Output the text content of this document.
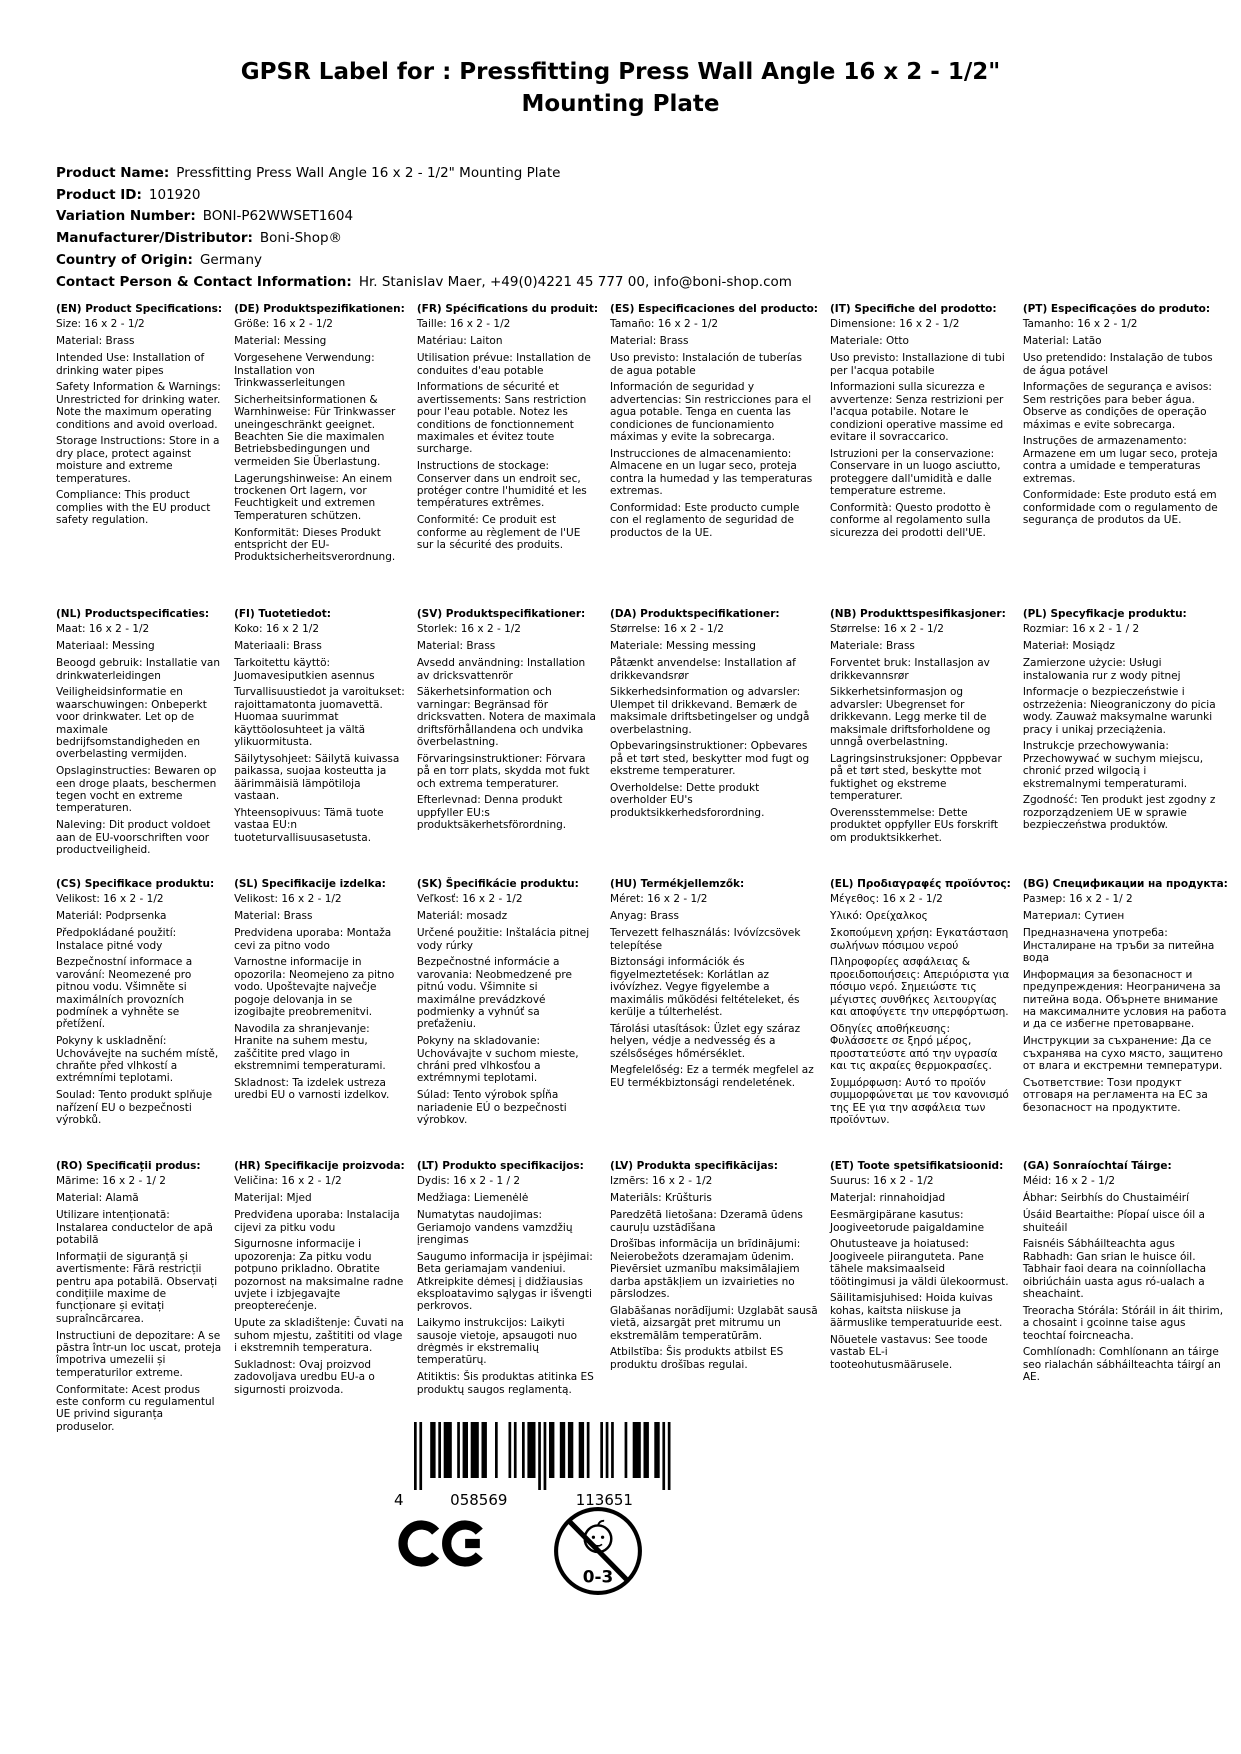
GPSR Label for : Pressfitting Press Wall Angle 16 x 2 - 1/2" Mounting Plate
Product Name: Pressfitting Press Wall Angle 16 x 2 - 1/2" Mounting Plate
Product ID: 101920
Variation Number: BONI-P62WWSET1604
Manufacturer/Distributor: Boni-Shop®
Country of Origin: Germany
Contact Person & Contact Information: Hr. Stanislav Maer, +49(0)4221 45 777 00, info@boni-shop.com
(EN) Product Specifications:
Size: 16 x 2 - 1/2
Material: Brass
Intended Use: Installation of drinking water pipes
Safety Information & Warnings: Unrestricted for drinking water. Note the maximum operating conditions and avoid overload.
Storage Instructions: Store in a dry place, protect against moisture and extreme temperatures.
Compliance: This product complies with the EU product safety regulation.
(DE) Produktspezifikationen:
Größe: 16 x 2 - 1/2
Material: Messing
Vorgesehene Verwendung: Installation von Trinkwasserleitungen
Sicherheitsinformationen & Warnhinweise: Für Trinkwasser uneingeschränkt geeignet. Beachten Sie die maximalen Betriebsbedingungen und vermeiden Sie Überlastung.
Lagerungshinweise: An einem trockenen Ort lagern, vor Feuchtigkeit und extremen Temperaturen schützen.
Konformität: Dieses Produkt entspricht der EU-Produktsicherheitsverordnung.
(FR) Spécifications du produit:
Taille: 16 x 2 - 1/2
Matériau: Laiton
Utilisation prévue: Installation de conduites d'eau potable
Informations de sécurité et avertissements: Sans restriction pour l'eau potable. Notez les conditions de fonctionnement maximales et évitez toute surcharge.
Instructions de stockage: Conserver dans un endroit sec, protéger contre l'humidité et les températures extrêmes.
Conformité: Ce produit est conforme au règlement de l'UE sur la sécurité des produits.
(ES) Especificaciones del producto:
Tamaño: 16 x 2 - 1/2
Material: Brass
Uso previsto: Instalación de tuberías de agua potable
Información de seguridad y advertencias: Sin restricciones para el agua potable. Tenga en cuenta las condiciones de funcionamiento máximas y evite la sobrecarga.
Instrucciones de almacenamiento: Almacene en un lugar seco, proteja contra la humedad y las temperaturas extremas.
Conformidad: Este producto cumple con el reglamento de seguridad de productos de la UE.
(IT) Specifiche del prodotto:
Dimensione: 16 x 2 - 1/2
Materiale: Otto
Uso previsto: Installazione di tubi per l'acqua potabile
Informazioni sulla sicurezza e avvertenze: Senza restrizioni per l'acqua potabile. Notare le condizioni operative massime ed evitare il sovraccarico.
Istruzioni per la conservazione: Conservare in un luogo asciutto, proteggere dall'umidità e dalle temperature estreme.
Conformità: Questo prodotto è conforme al regolamento sulla sicurezza dei prodotti dell'UE.
(PT) Especificações do produto:
Tamanho: 16 x 2 - 1/2
Material: Latão
Uso pretendido: Instalação de tubos de água potável
Informações de segurança e avisos: Sem restrições para beber água. Observe as condições de operação máximas e evite sobrecarga.
Instruções de armazenamento: Armazene em um lugar seco, proteja contra a umidade e temperaturas extremas.
Conformidade: Este produto está em conformidade com o regulamento de segurança de produtos da UE.
(NL) Productspecificaties:
Maat: 16 x 2 - 1/2
Materiaal: Messing
Beoogd gebruik: Installatie van drinkwaterleidingen
Veiligheidsinformatie en waarschuwingen: Onbeperkt voor drinkwater. Let op de maximale bedrijfsomstandigheden en overbelasting vermijden.
Opslaginstructies: Bewaren op een droge plaats, beschermen tegen vocht en extreme temperaturen.
Naleving: Dit product voldoet aan de EU-voorschriften voor productveiligheid.
(FI) Tuotetiedot:
Koko: 16 x 2 1/2
Materiaali: Brass
Tarkoitettu käyttö: Juomavesiputkien asennus
Turvallisuustiedot ja varoitukset: rajoittamatonta juomavettä. Huomaa suurimmat käyttöolosuhteet ja vältä ylikuormitusta.
Säilytysohjeet: Säilytä kuivassa paikassa, suojaa kosteutta ja äärimmäisiä lämpötiloja vastaan.
Yhteensopivuus: Tämä tuote vastaa EU:n tuoteturvallisuusasetusta.
(SV) Produktspecifikationer:
Storlek: 16 x 2 - 1/2
Material: Brass
Avsedd användning: Installation av dricksvattenrör
Säkerhetsinformation och varningar: Begränsad för dricksvatten. Notera de maximala driftsförhållandena och undvika överbelastning.
Förvaringsinstruktioner: Förvara på en torr plats, skydda mot fukt och extrema temperaturer.
Efterlevnad: Denna produkt uppfyller EU:s produktsäkerhetsförordning.
(DA) Produktspecifikationer:
Størrelse: 16 x 2 - 1/2
Materiale: Messing messing
Påtænkt anvendelse: Installation af drikkevandsrør
Sikkerhedsinformation og advarsler: Ulempet til drikkevand. Bemærk de maksimale driftsbetingelser og undgå overbelastning.
Opbevaringsinstruktioner: Opbevares på et tørt sted, beskytter mod fugt og ekstreme temperaturer.
Overholdelse: Dette produkt overholder EU's produktsikkerhedsforordning.
(NB) Produkttspesifikasjoner:
Størrelse: 16 x 2 - 1/2
Materiale: Brass
Forventet bruk: Installasjon av drikkevannsrør
Sikkerhetsinformasjon og advarsler: Ubegrenset for drikkevann. Legg merke til de maksimale driftsforholdene og unngå overbelastning.
Lagringsinstruksjoner: Oppbevar på et tørt sted, beskytte mot fuktighet og ekstreme temperaturer.
Overensstemmelse: Dette produktet oppfyller EUs forskrift om produktsikkerhet.
(PL) Specyfikacje produktu:
Rozmiar: 16 x 2 - 1 / 2
Materiał: Mosiądz
Zamierzone użycie: Usługi instalowania rur z wody pitnej
Informacje o bezpieczeństwie i ostrzeżenia: Nieograniczony do picia wody. Zauważ maksymalne warunki pracy i unikaj przeciążenia.
Instrukcje przechowywania: Przechowywać w suchym miejscu, chronić przed wilgocią i ekstremalnymi temperaturami.
Zgodność: Ten produkt jest zgodny z rozporządzeniem UE w sprawie bezpieczeństwa produktów.
(CS) Specifikace produktu:
Velikost: 16 x 2 - 1/2
Materiál: Podprsenka
Předpokládané použití: Instalace pitné vody
Bezpečnostní informace a varování: Neomezené pro pitnou vodu. Všimněte si maximálních provozních podmínek a vyhněte se přetížení.
Pokyny k uskladnění: Uchovávejte na suchém místě, chraňte před vlhkostí a extrémními teplotami.
Soulad: Tento produkt splňuje nařízení EU o bezpečnosti výrobků.
(SL) Specifikacije izdelka:
Velikost: 16 x 2 - 1/2
Material: Brass
Predvidena uporaba: Montaža cevi za pitno vodo
Varnostne informacije in opozorila: Neomejeno za pitno vodo. Upoštevajte največje pogoje delovanja in se izogibajte preobremenitvi.
Navodila za shranjevanje: Hranite na suhem mestu, zaščitite pred vlago in ekstremnimi temperaturami.
Skladnost: Ta izdelek ustreza uredbi EU o varnosti izdelkov.
(SK) Špecifikácie produktu:
Veľkosť: 16 x 2 - 1/2
Materiál: mosadz
Určené použitie: Inštalácia pitnej vody rúrky
Bezpečnostné informácie a varovania: Neobmedzené pre pitnú vodu. Všimnite si maximálne prevádzkové podmienky a vyhnúť sa preťaženiu.
Pokyny na skladovanie: Uchovávajte v suchom mieste, chráni pred vlhkosťou a extrémnymi teplotami.
Súlad: Tento výrobok spĺňa nariadenie EÚ o bezpečnosti výrobkov.
(HU) Termékjellemzők:
Méret: 16 x 2 - 1/2
Anyag: Brass
Tervezett felhasználás: Ivóvízcsövek telepítése
Biztonsági információk és figyelmeztetések: Korlátlan az ivóvízhez. Vegye figyelembe a maximális működési feltételeket, és kerülje a túlterhelést.
Tárolási utasítások: Üzlet egy száraz helyen, védje a nedvesség és a szélsőséges hőmérséklet.
Megfelelőség: Ez a termék megfelel az EU termékbiztonsági rendeletének.
(EL) Προδιαγραφές προϊόντος:
Μέγεθος: 16 x 2 - 1/2
Υλικό: Ορείχαλκος
Σκοπούμενη χρήση: Εγκατάσταση σωλήνων πόσιμου νερού
Πληροφορίες ασφάλειας & προειδοποιήσεις: Απεριόριστα για πόσιμο νερό. Σημειώστε τις μέγιστες συνθήκες λειτουργίας και αποφύγετε την υπερφόρτωση.
Οδηγίες αποθήκευσης: Φυλάσσετε σε ξηρό μέρος, προστατεύστε από την υγρασία και τις ακραίες θερμοκρασίες.
Συμμόρφωση: Αυτό το προϊόν συμμορφώνεται με τον κανονισμό της ΕΕ για την ασφάλεια των προϊόντων.
(BG) Спецификации на продукта:
Размер: 16 x 2 - 1/ 2
Материал: Сутиен
Предназначена употреба: Инсталиране на тръби за питейна вода
Информация за безопасност и предупреждения: Неограничена за питейна вода. Обърнете внимание на максималните условия на работа и да се избегне претоварване.
Инструкции за съхранение: Да се съхранява на сухо място, защитено от влага и екстремни температури.
Съответствие: Този продукт отговаря на регламента на ЕС за безопасност на продуктите.
(RO) Specificații produs:
Mărime: 16 x 2 - 1/ 2
Material: Alamă
Utilizare intenționată: Instalarea conductelor de apă potabilă
Informații de siguranță și avertismente: Fără restricții pentru apa potabilă. Observați condițiile maxime de funcționare și evitați supraîncărcarea.
Instructiuni de depozitare: A se păstra într-un loc uscat, proteja împotriva umezelii și temperaturilor extreme.
Conformitate: Acest produs este conform cu regulamentul UE privind siguranța produselor.
(HR) Specifikacije proizvoda:
Veličina: 16 x 2 - 1/2
Materijal: Mjed
Predviđena uporaba: Instalacija cijevi za pitku vodu
Sigurnosne informacije i upozorenja: Za pitku vodu potpuno prikladno. Obratite pozornost na maksimalne radne uvjete i izbjegavajte preopterećenje.
Upute za skladištenje: Čuvati na suhom mjestu, zaštititi od vlage i ekstremnih temperatura.
Sukladnost: Ovaj proizvod zadovoljava uredbu EU-a o sigurnosti proizvoda.
(LT) Produkto specifikacijos:
Dydis: 16 x 2 - 1 / 2
Medžiaga: Liemenėlė
Numatytas naudojimas: Geriamojo vandens vamzdžių įrengimas
Saugumo informacija ir įspėjimai: Beta geriamajam vandeniui. Atkreipkite dėmesį į didžiausias eksploatavimo sąlygas ir išvengti perkrovos.
Laikymo instrukcijos: Laikyti sausoje vietoje, apsaugoti nuo drėgmės ir ekstremalių temperatūrų.
Atitiktis: Šis produktas atitinka ES produktų saugos reglamentą.
(LV) Produkta specifikācijas:
Izmērs: 16 x 2 - 1/2
Materiāls: Krūšturis
Paredzētā lietošana: Dzeramā ūdens cauruļu uzstādīšana
Drošības informācija un brīdinājumi: Neierobežots dzeramajam ūdenim. Pievērsiet uzmanību maksimālajiem darba apstākļiem un izvairieties no pārslodzes.
Glabāšanas norādījumi: Uzglabāt sausā vietā, aizsargāt pret mitrumu un ekstremālām temperatūrām.
Atbilstība: Šis produkts atbilst ES produktu drošības regulai.
(ET) Toote spetsifikatsioonid:
Suurus: 16 x 2 - 1/2
Materjal: rinnahoidjad
Eesmärgipärane kasutus: Joogiveetorude paigaldamine
Ohutusteave ja hoiatused: Joogiveele piiranguteta. Pane tähele maksimaalseid töötingimusi ja väldi ülekoormust.
Säilitamisjuhised: Hoida kuivas kohas, kaitsta niiskuse ja äärmuslike temperatuuride eest.
Nõuetele vastavus: See toode vastab EL-i tooteohutusmäärusele.
(GA) Sonraíochtaí Táirge:
Méid: 16 x 2 - 1/2
Ábhar: Seirbhís do Chustaiméirí
Úsáid Beartaithe: Píopaí uisce óil a shuiteáil
Faisnéis Sábháilteachta agus Rabhadh: Gan srian le huisce óil. Tabhair faoi deara na coinníollacha oibriúcháin uasta agus ró-ualach a sheachaint.
Treoracha Stórála: Stóráil in áit thirim, a chosaint i gcoinne taise agus teochtaí foircneacha.
Comhlíonadh: Comhlíonann an táirge seo rialachán sábháilteachta táirgí an AE.
4	058569	113651
0-3
